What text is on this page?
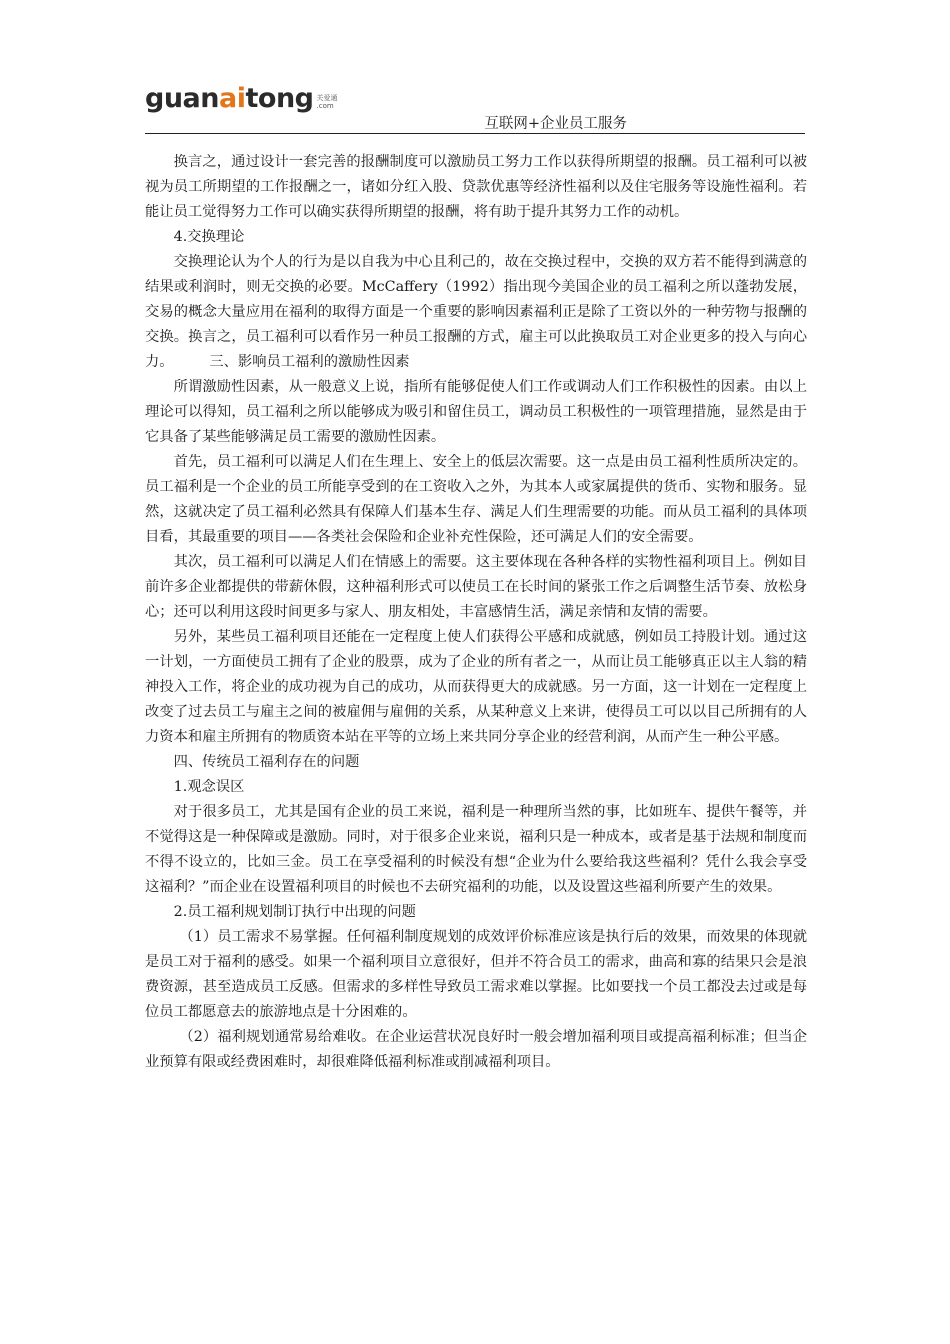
guanaitong 关爱通
.com
互联网+企业员工服务

换言之，通过设计一套完善的报酬制度可以激励员工努力工作以获得所期望的报酬。员工福利可以被视为员工所期望的工作报酬之一，诸如分红入股、贷款优惠等经济性福利以及住宅服务等设施性福利。若能让员工觉得努力工作可以确实获得所期望的报酬，将有助于提升其努力工作的动机。

4.交换理论

交换理论认为个人的行为是以自我为中心且利己的，故在交换过程中，交换的双方若不能得到满意的结果或利润时，则无交换的必要。McCaffery（1992）指出现今美国企业的员工福利之所以蓬勃发展，交易的概念大量应用在福利的取得方面是一个重要的影响因素福利正是除了工资以外的一种劳物与报酬的交换。换言之，员工福利可以看作另一种员工报酬的方式，雇主可以此换取员工对企业更多的投入与向心力。　　　三、影响员工福利的激励性因素

所谓激励性因素，从一般意义上说，指所有能够促使人们工作或调动人们工作积极性的因素。由以上理论可以得知，员工福利之所以能够成为吸引和留住员工，调动员工积极性的一项管理措施，显然是由于它具备了某些能够满足员工需要的激励性因素。

首先，员工福利可以满足人们在生理上、安全上的低层次需要。这一点是由员工福利性质所决定的。员工福利是一个企业的员工所能享受到的在工资收入之外，为其本人或家属提供的货币、实物和服务。显然，这就决定了员工福利必然具有保障人们基本生存、满足人们生理需要的功能。而从员工福利的具体项目看，其最重要的项目——各类社会保险和企业补充性保险，还可满足人们的安全需要。

其次，员工福利可以满足人们在情感上的需要。这主要体现在各种各样的实物性福利项目上。例如目前许多企业都提供的带薪休假，这种福利形式可以使员工在长时间的紧张工作之后调整生活节奏、放松身心；还可以利用这段时间更多与家人、朋友相处，丰富感情生活，满足亲情和友情的需要。

另外，某些员工福利项目还能在一定程度上使人们获得公平感和成就感，例如员工持股计划。通过这一计划，一方面使员工拥有了企业的股票，成为了企业的所有者之一，从而让员工能够真正以主人翁的精神投入工作，将企业的成功视为自己的成功，从而获得更大的成就感。另一方面，这一计划在一定程度上改变了过去员工与雇主之间的被雇佣与雇佣的关系，从某种意义上来讲，使得员工可以以目己所拥有的人力资本和雇主所拥有的物质资本站在平等的立场上来共同分享企业的经营利润，从而产生一种公平感。

四、传统员工福利存在的问题

1.观念误区

对于很多员工，尤其是国有企业的员工来说，福利是一种理所当然的事，比如班车、提供午餐等，并不觉得这是一种保障或是激励。同时，对于很多企业来说，福利只是一种成本，或者是基于法规和制度而不得不设立的，比如三金。员工在享受福利的时候没有想“企业为什么要给我这些福利？凭什么我会享受这福利？”而企业在设置福利项目的时候也不去研究福利的功能，以及设置这些福利所要产生的效果。

2.员工福利规划制订执行中出现的问题

（1）员工需求不易掌握。任何福利制度规划的成效评价标准应该是执行后的效果，而效果的体现就是员工对于福利的感受。如果一个福利项目立意很好，但并不符合员工的需求，曲高和寡的结果只会是浪费资源，甚至造成员工反感。但需求的多样性导致员工需求难以掌握。比如要找一个员工都没去过或是每位员工都愿意去的旅游地点是十分困难的。

（2）福利规划通常易给难收。在企业运营状况良好时一般会增加福利项目或提高福利标准；但当企业预算有限或经费困难时，却很难降低福利标准或削减福利项目。
